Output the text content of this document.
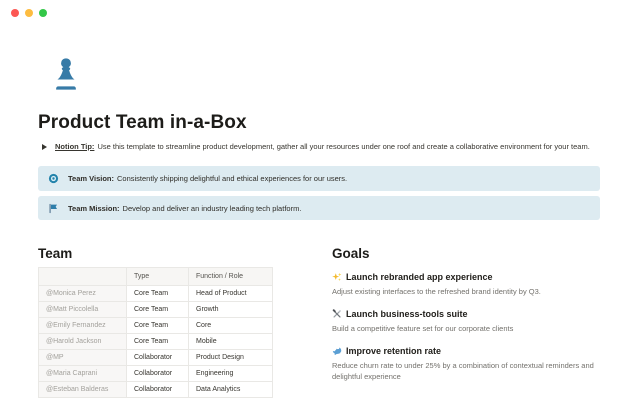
Product Team in-a-Box
Notion Tip: Use this template to streamline product development, gather all your resources under one roof and create a collaborative environment for your team.
Team Vision: Consistently shipping delightful and ethical experiences for our users.
Team Mission: Develop and deliver an industry leading tech platform.
Team
	Type	Function / Role
@Monica Perez	Core Team	Head of Product
@Matt Piccolella	Core Team	Growth
@Emily Fernandez	Core Team	Core
@Harold Jackson	Core Team	Mobile
@MP	Collaborator	Product Design
@Maria Caprani	Collaborator	Engineering
@Esteban Balderas	Collaborator	Data Analytics
Goals
Launch rebranded app experience
Adjust existing interfaces to the refreshed brand identity by Q3.
Launch business-tools suite
Build a competitive feature set for our corporate clients
Improve retention rate
Reduce churn rate to under 25% by a combination of contextual reminders and delightful experience
